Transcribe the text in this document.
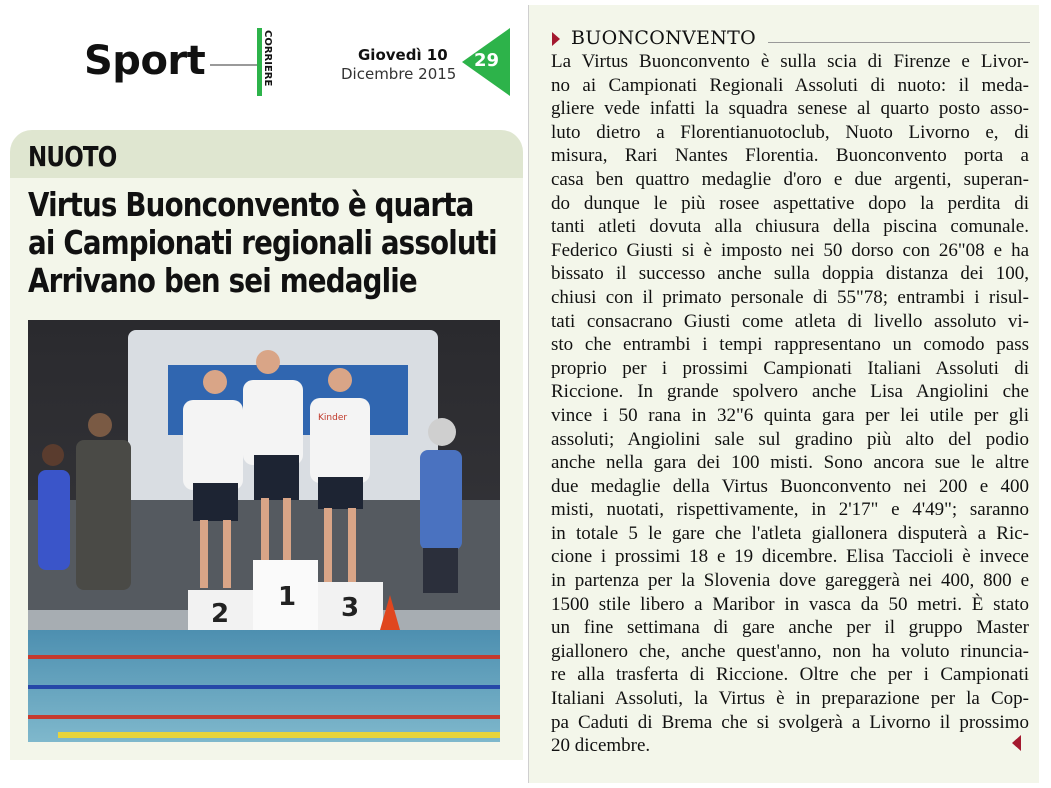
Sport	CORRIERE	Giovedì 10
Dicembre 2015
29
NUOTO
Virtus Buonconvento è quarta
ai Campionati regionali assoluti
Arrivano ben sei medaglie
2
1 3
Kinder
BUONCONVENTO
La Virtus Buonconvento è sulla scia di Firenze e Livor-
no ai Campionati Regionali Assoluti di nuoto: il meda-
gliere vede infatti la squadra senese al quarto posto asso-
luto dietro a Florentianuotoclub, Nuoto Livorno e, di
misura, Rari Nantes Florentia. Buonconvento porta a
casa ben quattro medaglie d'oro e due argenti, superan-
do dunque le più rosee aspettative dopo la perdita di
tanti atleti dovuta alla chiusura della piscina comunale.
Federico Giusti si è imposto nei 50 dorso con 26"08 e ha
bissato il successo anche sulla doppia distanza dei 100,
chiusi con il primato personale di 55"78; entrambi i risul-
tati consacrano Giusti come atleta di livello assoluto vi-
sto che entrambi i tempi rappresentano un comodo pass
proprio per i prossimi Campionati Italiani Assoluti di
Riccione. In grande spolvero anche Lisa Angiolini che
vince i 50 rana in 32"6 quinta gara per lei utile per gli
assoluti; Angiolini sale sul gradino più alto del podio
anche nella gara dei 100 misti. Sono ancora sue le altre
due medaglie della Virtus Buonconvento nei 200 e 400
misti, nuotati, rispettivamente, in 2'17" e 4'49"; saranno
in totale 5 le gare che l'atleta giallonera disputerà a Ric-
cione i prossimi 18 e 19 dicembre. Elisa Taccioli è invece
in partenza per la Slovenia dove gareggerà nei 400, 800 e
1500 stile libero a Maribor in vasca da 50 metri. È stato
un fine settimana di gare anche per il gruppo Master
giallonero che, anche quest'anno, non ha voluto rinuncia-
re alla trasferta di Riccione. Oltre che per i Campionati
Italiani Assoluti, la Virtus è in preparazione per la Cop-
pa Caduti di Brema che si svolgerà a Livorno il prossimo
20 dicembre.
